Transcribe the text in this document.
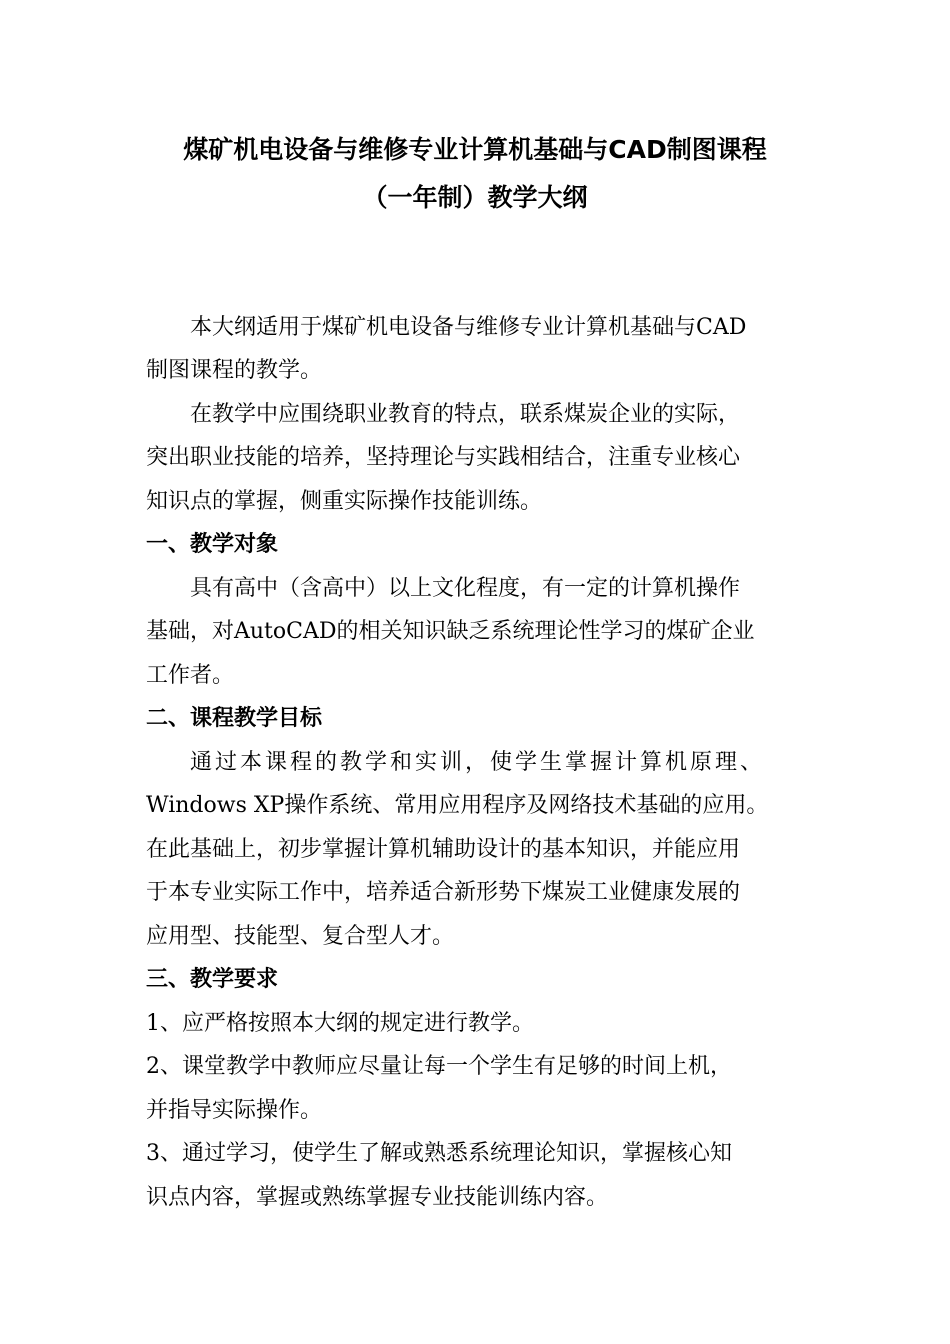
煤矿机电设备与维修专业计算机基础与CAD制图课程
（一年制）教学大纲
本大纲适用于煤矿机电设备与维修专业计算机基础与CAD
制图课程的教学。
在教学中应围绕职业教育的特点，联系煤炭企业的实际，
突出职业技能的培养，坚持理论与实践相结合，注重专业核心
知识点的掌握，侧重实际操作技能训练。
一、教学对象
具有高中（含高中）以上文化程度，有一定的计算机操作
基础，对AutoCAD的相关知识缺乏系统理论性学习的煤矿企业
工作者。
二、课程教学目标
通过本课程的教学和实训，使学生掌握计算机原理、
Windows XP操作系统、常用应用程序及网络技术基础的应用。
在此基础上，初步掌握计算机辅助设计的基本知识，并能应用
于本专业实际工作中，培养适合新形势下煤炭工业健康发展的
应用型、技能型、复合型人才。
三、教学要求
1、应严格按照本大纲的规定进行教学。
2、课堂教学中教师应尽量让每一个学生有足够的时间上机，
并指导实际操作。
3、通过学习，使学生了解或熟悉系统理论知识，掌握核心知
识点内容，掌握或熟练掌握专业技能训练内容。
